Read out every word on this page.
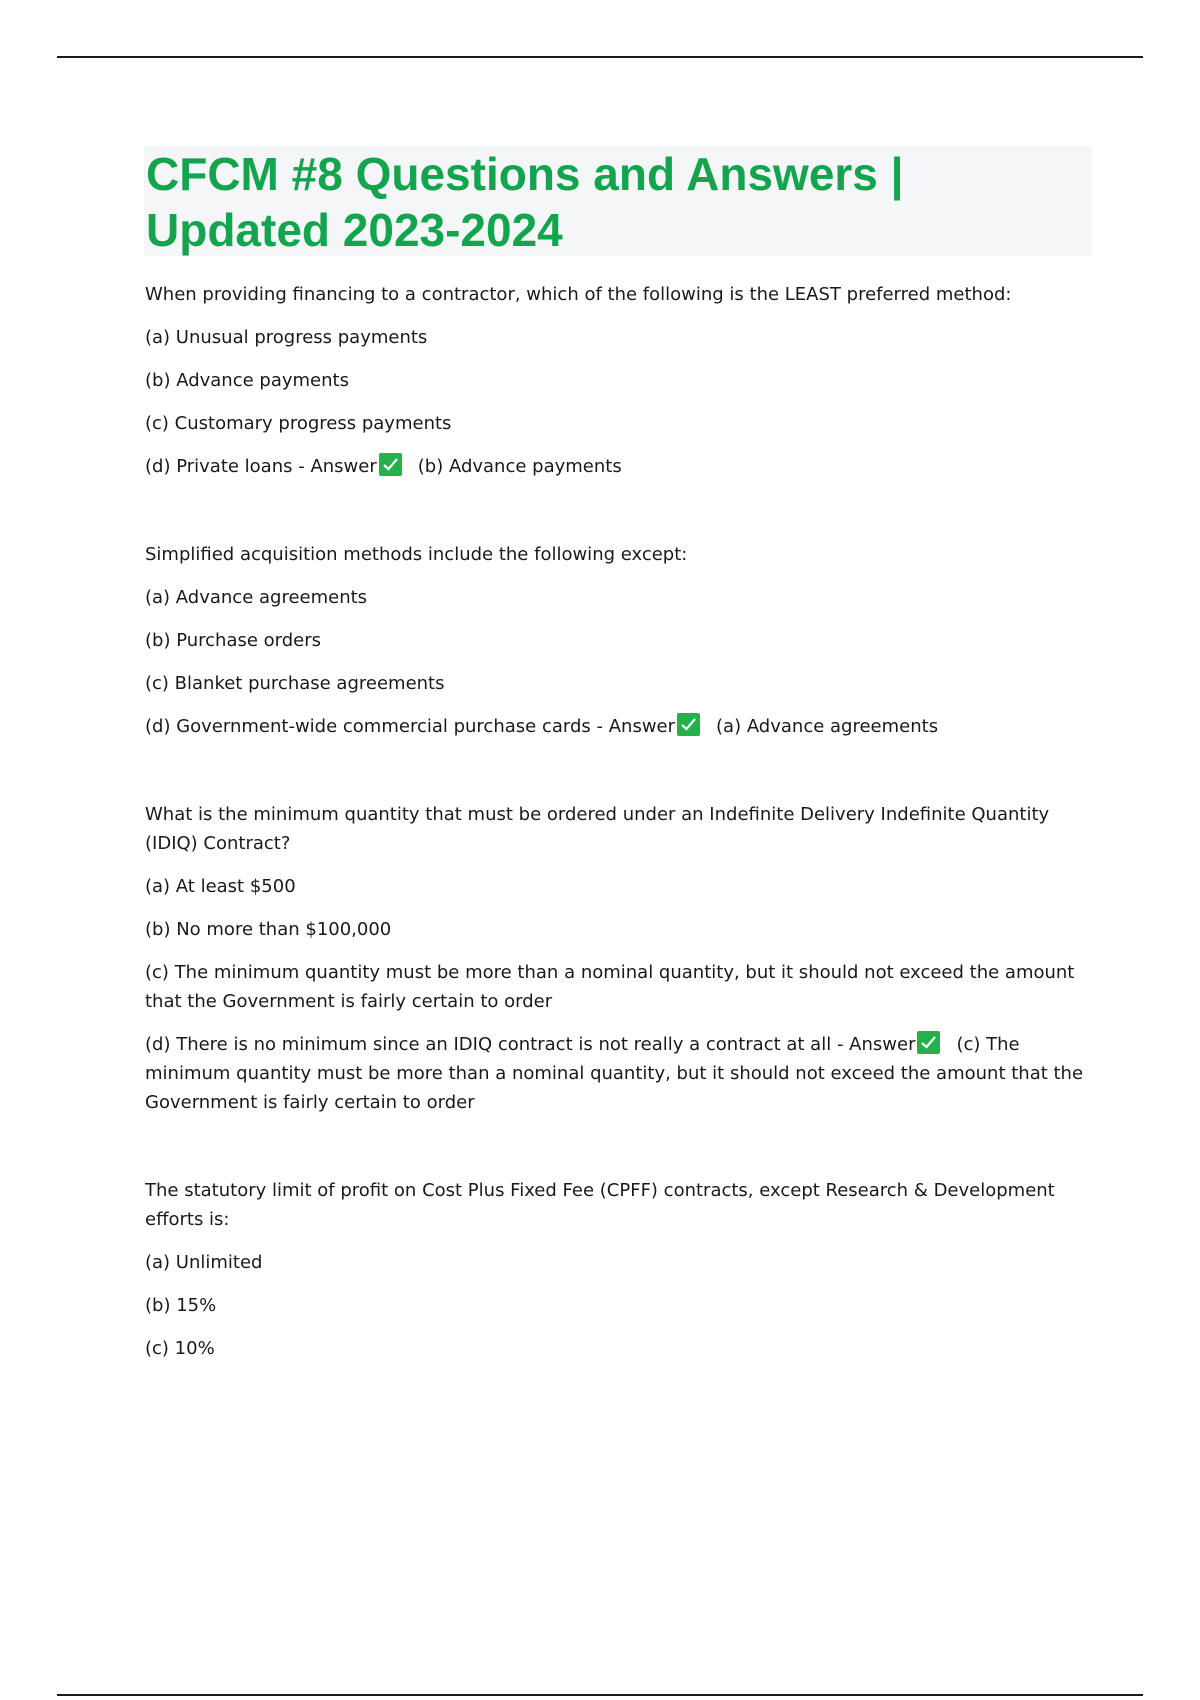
CFCM #8 Questions and Answers | Updated 2023-2024

When providing financing to a contractor, which of the following is the LEAST preferred method:

(a) Unusual progress payments

(b) Advance payments

(c) Customary progress payments

(d) Private loans - Answer (b) Advance payments

Simplified acquisition methods include the following except:

(a) Advance agreements

(b) Purchase orders

(c) Blanket purchase agreements

(d) Government-wide commercial purchase cards - Answer (a) Advance agreements

What is the minimum quantity that must be ordered under an Indefinite Delivery Indefinite Quantity (IDIQ) Contract?

(a) At least $500

(b) No more than $100,000

(c) The minimum quantity must be more than a nominal quantity, but it should not exceed the amount that the Government is fairly certain to order

(d) There is no minimum since an IDIQ contract is not really a contract at all - Answer (c) The minimum quantity must be more than a nominal quantity, but it should not exceed the amount that the Government is fairly certain to order

The statutory limit of profit on Cost Plus Fixed Fee (CPFF) contracts, except Research & Development efforts is:

(a) Unlimited

(b) 15%

(c) 10%
